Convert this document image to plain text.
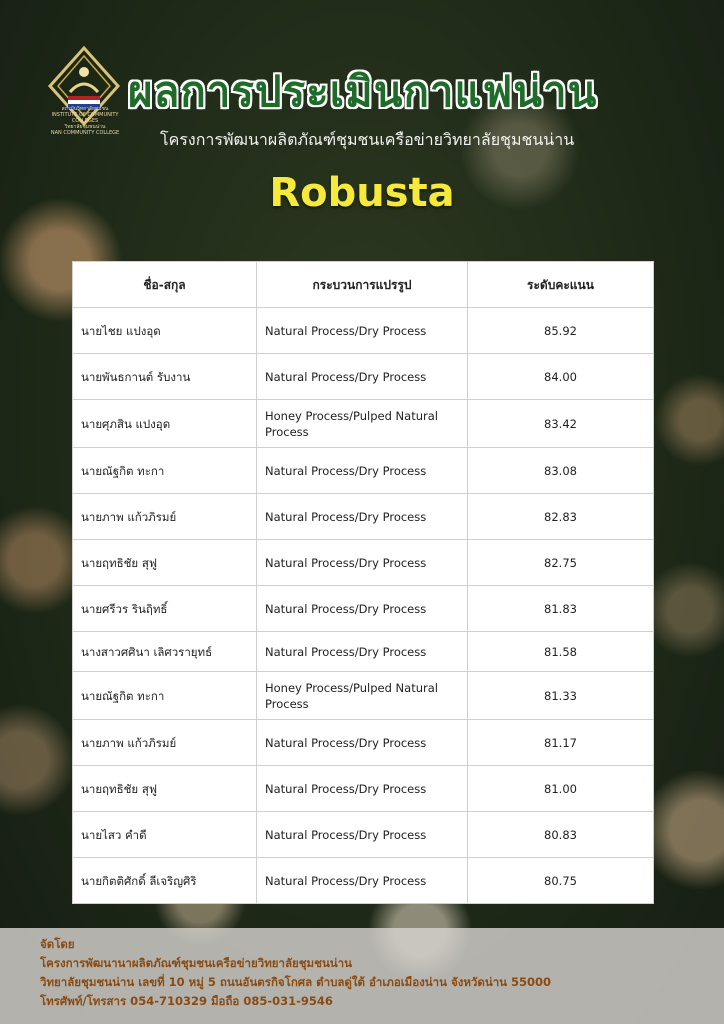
สถาบันวิทยาลัยชุมชน
INSTITUTE OF COMMUNITY COLLEGES
วิทยาลัยชุมชนน่าน
NAN COMMUNITY COLLEGE
ผลการประเมินกาแฟน่าน
โครงการพัฒนาผลิตภัณฑ์ชุมชนเครือข่ายวิทยาลัยชุมชนน่าน
Robusta
ชื่อ-สกุล	กระบวนการแปรรูป	ระดับคะแนน
นายไชย แปงอุด	Natural Process/Dry Process	85.92
นายพันธกานต์ รับงาน	Natural Process/Dry Process	84.00
นายศุภสิน แปงอุด	Honey Process/Pulped Natural Process	83.42
นายณัฐกิต ทะกา	Natural Process/Dry Process	83.08
นายภาพ แก้วภิรมย์	Natural Process/Dry Process	82.83
นายฤทธิชัย สุฟู	Natural Process/Dry Process	82.75
นายศรีวร รินฤิทธิ์	Natural Process/Dry Process	81.83
นางสาวศศินา เลิศวรายุทธ์	Natural Process/Dry Process	81.58
นายณัฐกิต ทะกา	Honey Process/Pulped Natural Process	81.33
นายภาพ แก้วภิรมย์	Natural Process/Dry Process	81.17
นายฤทธิชัย สุฟู	Natural Process/Dry Process	81.00
นายไสว คำดี	Natural Process/Dry Process	80.83
นายกิตติศักดิ์ ลีเจริญศิริ	Natural Process/Dry Process	80.75
จัดโดย
โครงการพัฒนานาผลิตภัณฑ์ชุมชนเครือข่ายวิทยาลัยชุมชนน่าน
วิทยาลัยชุมชนน่าน เลขที่ 10 หมู่ 5 ถนนอันตรกิจโกศล ตำบลดู่ใต้ อำเภอเมืองน่าน จังหวัดน่าน 55000
โทรศัพท์/โทรสาร 054-710329 มือถือ 085-031-9546
